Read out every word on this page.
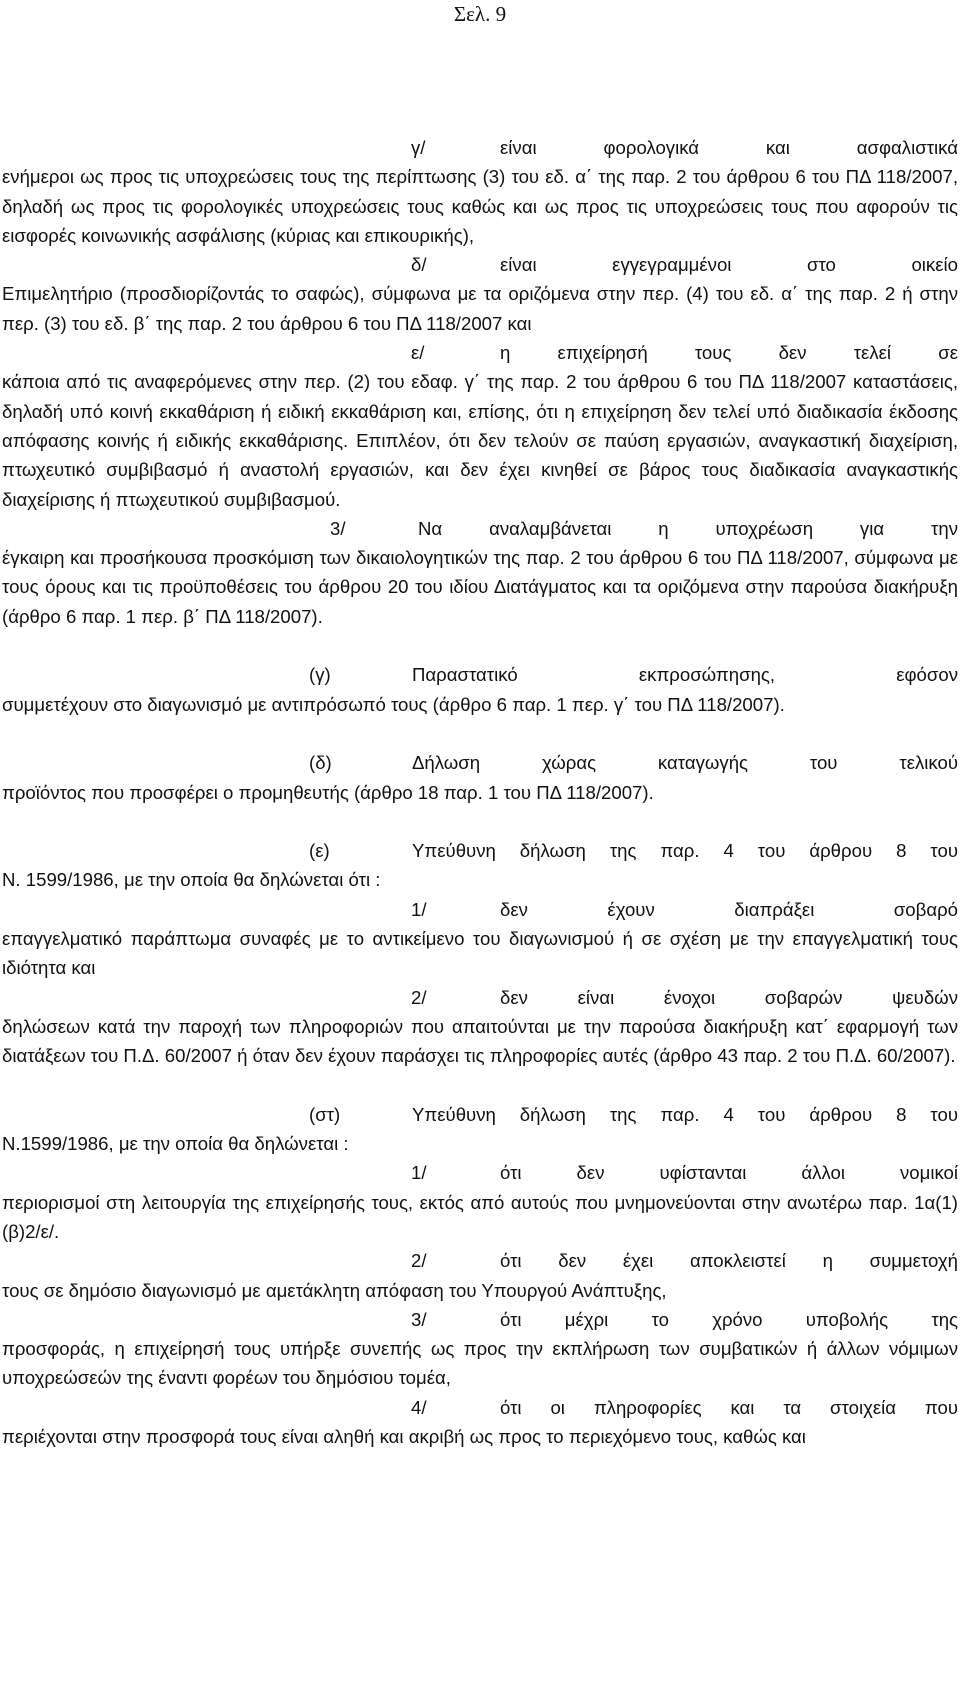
Σελ. 9
γ/	είναι φορολογικά και ασφαλιστικά
ενήμεροι ως προς τις υποχρεώσεις τους της περίπτωσης (3) του εδ. α΄ της παρ. 2 του άρθρου 6 του ΠΔ 118/2007, δηλαδή ως προς τις φορολογικές υποχρεώσεις τους καθώς και ως προς τις υποχρεώσεις τους που αφορούν τις εισφορές κοινωνικής ασφάλισης (κύριας και επικουρικής),
δ/	είναι εγγεγραμμένοι στο οικείο
Επιμελητήριο (προσδιορίζοντάς το σαφώς), σύμφωνα με τα οριζόμενα στην περ. (4) του εδ. α΄ της παρ. 2 ή στην περ. (3) του εδ. β΄ της παρ. 2 του άρθρου 6 του ΠΔ 118/2007 και
ε/	η επιχείρησή τους δεν τελεί σε
κάποια από τις αναφερόμενες στην περ. (2) του εδαφ. γ΄ της παρ. 2 του άρθρου 6 του ΠΔ 118/2007 καταστάσεις, δηλαδή υπό κοινή εκκαθάριση ή ειδική εκκαθάριση και, επίσης, ότι η επιχείρηση δεν τελεί υπό διαδικασία έκδοσης απόφασης κοινής ή ειδικής εκκαθάρισης. Επιπλέον, ότι δεν τελούν σε παύση εργασιών, αναγκαστική διαχείριση, πτωχευτικό συμβιβασμό ή αναστολή εργασιών, και δεν έχει κινηθεί σε βάρος τους διαδικασία αναγκαστικής διαχείρισης ή πτωχευτικού συμβιβασμού.
3/	Να αναλαμβάνεται η υποχρέωση για την
έγκαιρη και προσήκουσα προσκόμιση των δικαιολογητικών της παρ. 2 του άρθρου 6 του ΠΔ 118/2007, σύμφωνα με τους όρους και τις προϋποθέσεις του άρθρου 20 του ιδίου Διατάγματος και τα οριζόμενα στην παρούσα διακήρυξη (άρθρο 6 παρ. 1 περ. β΄ ΠΔ 118/2007).
(γ)	Παραστατικό εκπροσώπησης, εφόσον
συμμετέχουν στο διαγωνισμό με αντιπρόσωπό τους (άρθρο 6 παρ. 1 περ. γ΄ του ΠΔ 118/2007).
(δ)	Δήλωση χώρας καταγωγής του τελικού
προϊόντος που προσφέρει ο προμηθευτής (άρθρο 18 παρ. 1 του ΠΔ 118/2007).
(ε)	Υπεύθυνη δήλωση της παρ. 4 του άρθρου 8 του
Ν. 1599/1986, με την οποία θα δηλώνεται ότι :
1/	δεν έχουν διαπράξει σοβαρό
επαγγελματικό παράπτωμα συναφές με το αντικείμενο του διαγωνισμού ή σε σχέση με την επαγγελματική τους ιδιότητα και
2/	δεν είναι ένοχοι σοβαρών ψευδών
δηλώσεων κατά την παροχή των πληροφοριών που απαιτούνται με την παρούσα διακήρυξη κατ΄ εφαρμογή των διατάξεων του Π.Δ. 60/2007 ή όταν δεν έχουν παράσχει τις πληροφορίες αυτές (άρθρο 43 παρ. 2 του Π.Δ. 60/2007).
(στ)	Υπεύθυνη δήλωση της παρ. 4 του άρθρου 8 του
Ν.1599/1986, με την οποία θα δηλώνεται :
1/	ότι δεν υφίστανται άλλοι νομικοί
περιορισμοί στη λειτουργία της επιχείρησής τους, εκτός από αυτούς που μνημονεύονται στην ανωτέρω παρ. 1α(1)(β)2/ε/.
2/	ότι δεν έχει αποκλειστεί η συμμετοχή
τους σε δημόσιο διαγωνισμό με αμετάκλητη απόφαση του Υπουργού Ανάπτυξης,
3/	ότι μέχρι το χρόνο υποβολής της
προσφοράς, η επιχείρησή τους υπήρξε συνεπής ως προς την εκπλήρωση των συμβατικών ή άλλων νόμιμων υποχρεώσεών της έναντι φορέων του δημόσιου τομέα,
4/	ότι οι πληροφορίες και τα στοιχεία που
περιέχονται στην προσφορά τους είναι αληθή και ακριβή ως προς το περιεχόμενο τους, καθώς και
